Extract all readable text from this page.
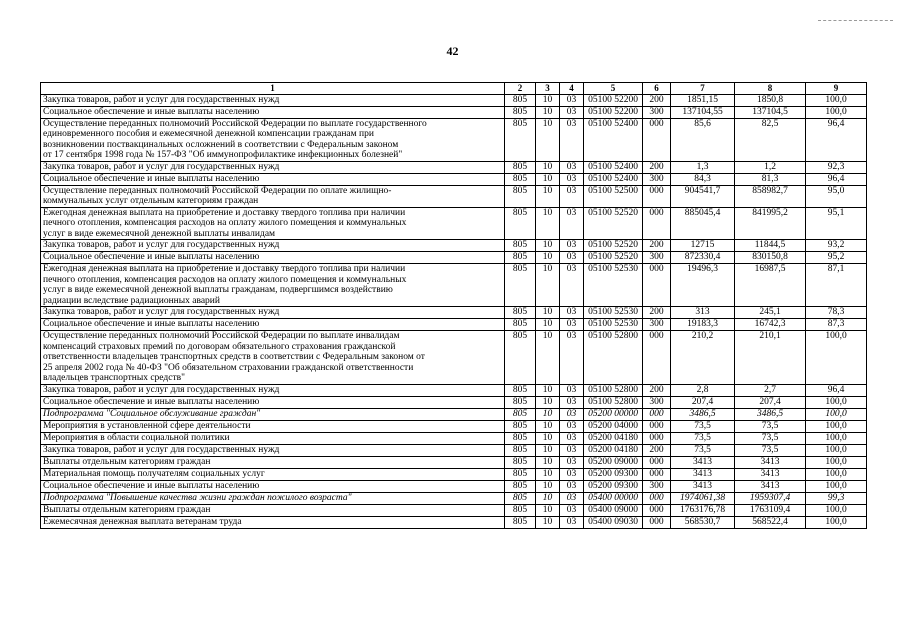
42
1	2	3	4	5	6	7	8	9
Закупка товаров, работ и услуг для государственных нужд	805	10	03	05100 52200	200	1851,15	1850,8	100,0
Социальное обеспечение и иные выплаты населению	805	10	03	05100 52200	300	137104,55	137104,5	100,0
Осуществление переданных полномочий Российской Федерации по выплате государственного
единовременного пособия и ежемесячной денежной компенсации гражданам при
возникновении поствакцинальных осложнений в соответствии с Федеральным законом
от 17 сентября 1998 года № 157-ФЗ "Об иммунопрофилактике инфекционных болезней"	805	10	03	05100 52400	000	85,6	82,5	96,4
Закупка товаров, работ и услуг для государственных нужд	805	10	03	05100 52400	200	1,3	1,2	92,3
Социальное обеспечение и иные выплаты населению	805	10	03	05100 52400	300	84,3	81,3	96,4
Осуществление переданных полномочий Российской Федерации по оплате жилищно-
коммунальных услуг отдельным категориям граждан	805	10	03	05100 52500	000	904541,7	858982,7	95,0
Ежегодная денежная выплата на приобретение и доставку твердого топлива при наличии
печного отопления, компенсация расходов на оплату жилого помещения и коммунальных
услуг в виде ежемесячной денежной выплаты инвалидам	805	10	03	05100 52520	000	885045,4	841995,2	95,1
Закупка товаров, работ и услуг для государственных нужд	805	10	03	05100 52520	200	12715	11844,5	93,2
Социальное обеспечение и иные выплаты населению	805	10	03	05100 52520	300	872330,4	830150,8	95,2
Ежегодная денежная выплата на приобретение и доставку твердого топлива при наличии
печного отопления, компенсация расходов на оплату жилого помещения и коммунальных
услуг в виде ежемесячной денежной выплаты гражданам, подвергшимся воздействию
радиации вследствие радиационных аварий	805	10	03	05100 52530	000	19496,3	16987,5	87,1
Закупка товаров, работ и услуг для государственных нужд	805	10	03	05100 52530	200	313	245,1	78,3
Социальное обеспечение и иные выплаты населению	805	10	03	05100 52530	300	19183,3	16742,3	87,3
Осуществление переданных полномочий Российской Федерации по выплате инвалидам
компенсаций страховых премий по договорам обязательного страхования гражданской
ответственности владельцев транспортных средств в соответствии с Федеральным законом от
25 апреля 2002 года № 40-ФЗ "Об обязательном страховании гражданской ответственности
владельцев транспортных средств"	805	10	03	05100 52800	000	210,2	210,1	100,0
Закупка товаров, работ и услуг для государственных нужд	805	10	03	05100 52800	200	2,8	2,7	96,4
Социальное обеспечение и иные выплаты населению	805	10	03	05100 52800	300	207,4	207,4	100,0
Подпрограмма "Социальное обслуживание граждан"	805	10	03	05200 00000	000	3486,5	3486,5	100,0
Мероприятия в установленной сфере деятельности	805	10	03	05200 04000	000	73,5	73,5	100,0
Мероприятия в области социальной политики	805	10	03	05200 04180	000	73,5	73,5	100,0
Закупка товаров, работ и услуг для государственных нужд	805	10	03	05200 04180	200	73,5	73,5	100,0
Выплаты отдельным категориям граждан	805	10	03	05200 09000	000	3413	3413	100,0
Материальная помощь получателям социальных услуг	805	10	03	05200 09300	000	3413	3413	100,0
Социальное обеспечение и иные выплаты населению	805	10	03	05200 09300	300	3413	3413	100,0
Подпрограмма "Повышение качества жизни граждан пожилого возраста"	805	10	03	05400 00000	000	1974061,38	1959307,4	99,3
Выплаты отдельным категориям граждан	805	10	03	05400 09000	000	1763176,78	1763109,4	100,0
Ежемесячная денежная выплата ветеранам труда	805	10	03	05400 09030	000	568530,7	568522,4	100,0
